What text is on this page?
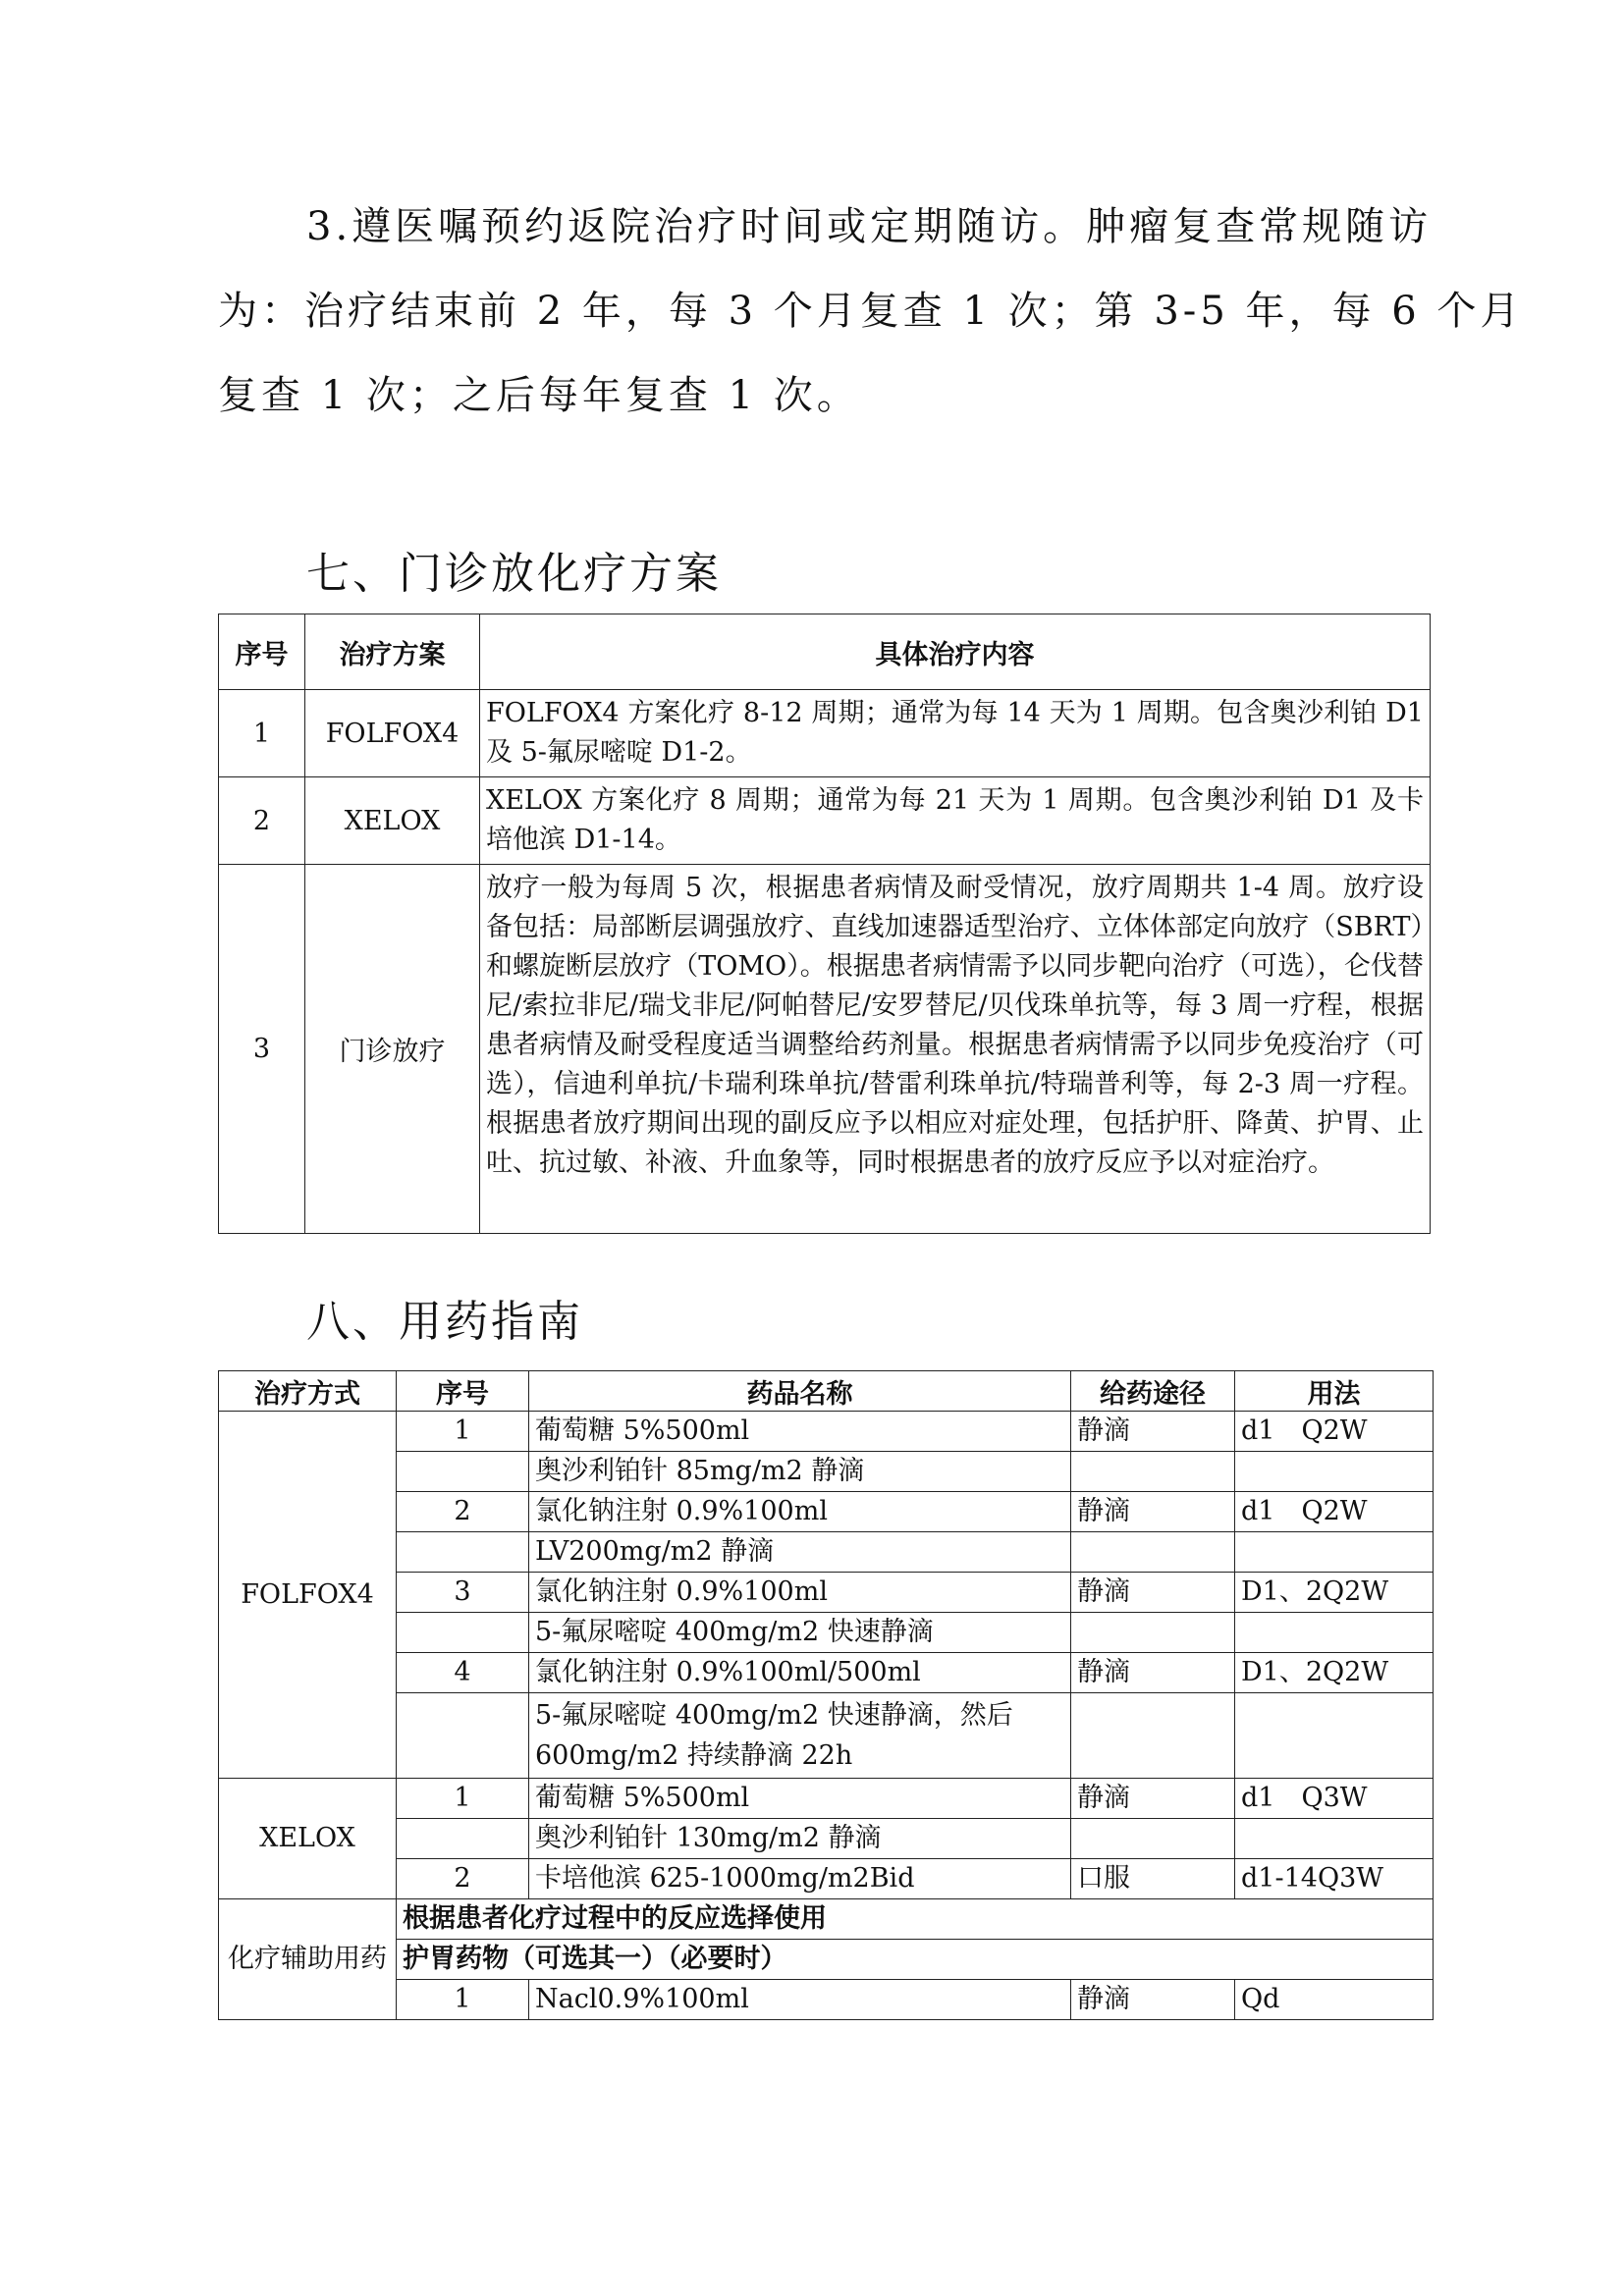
3.遵医嘱预约返院治疗时间或定期随访。肿瘤复查常规随访
为：治疗结束前 2 年，每 3 个月复查 1 次；第 3-5 年，每 6 个月
复查 1 次；之后每年复查 1 次。
七、门诊放化疗方案
序号	治疗方案	具体治疗内容
1	FOLFOX4	FOLFOX4 方案化疗 8-12 周期；通常为每 14 天为 1 周期。包含奥沙利铂 D1 及 5-氟尿嘧啶 D1-2。
2	XELOX	XELOX 方案化疗 8 周期；通常为每 21 天为 1 周期。包含奥沙利铂 D1 及卡培他滨 D1-14。
3	门诊放疗	放疗一般为每周 5 次，根据患者病情及耐受情况，放疗周期共 1-4 周。放疗设备包括：局部断层调强放疗、直线加速器适型治疗、立体体部定向放疗（SBRT）和螺旋断层放疗（TOMO）。根据患者病情需予以同步靶向治疗（可选），仑伐替尼/索拉非尼/瑞戈非尼/阿帕替尼/安罗替尼/贝伐珠单抗等，每 3 周一疗程，根据患者病情及耐受程度适当调整给药剂量。根据患者病情需予以同步免疫治疗（可选），信迪利单抗/卡瑞利珠单抗/替雷利珠单抗/特瑞普利等，每 2-3 周一疗程。根据患者放疗期间出现的副反应予以相应对症处理，包括护肝、降黄、护胃、止吐、抗过敏、补液、升血象等，同时根据患者的放疗反应予以对症治疗。
八、用药指南
治疗方式	序号	药品名称	给药途径	用法
FOLFOX4	1	葡萄糖 5%500ml	静滴	d1　Q2W
		奥沙利铂针 85mg/m2 静滴		
	2	氯化钠注射 0.9%100ml	静滴	d1　Q2W
		LV200mg/m2 静滴		
	3	氯化钠注射 0.9%100ml	静滴	D1、2Q2W
		5-氟尿嘧啶 400mg/m2 快速静滴		
	4	氯化钠注射 0.9%100ml/500ml	静滴	D1、2Q2W
		5-氟尿嘧啶 400mg/m2 快速静滴，然后 600mg/m2 持续静滴 22h		
XELOX	1	葡萄糖 5%500ml	静滴	d1　Q3W
		奥沙利铂针 130mg/m2 静滴		
	2	卡培他滨 625-1000mg/m2Bid	口服	d1-14Q3W
化疗辅助用药	根据患者化疗过程中的反应选择使用			
	护胃药物（可选其一）（必要时）			
	1	Nacl0.9%100ml	静滴	Qd
